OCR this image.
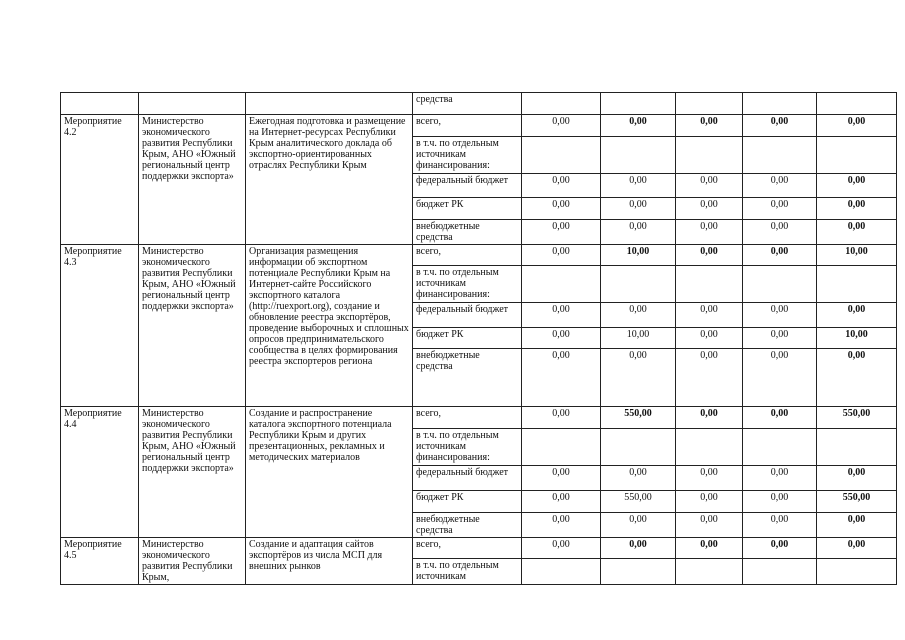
			средства					
Мероприятие 4.2	Министерство экономического развития Республики Крым, АНО «Южный региональный центр поддержки экспорта»	Ежегодная подготовка и размещение на Интернет-ресурсах Республики Крым аналитического доклада об экспортно-ориентированных отраслях Республики Крым	всего,	0,00	0,00	0,00	0,00	0,00
			в т.ч. по отдельным источникам финансирования:					
			федеральный бюджет	0,00	0,00	0,00	0,00	0,00
			бюджет РК	0,00	0,00	0,00	0,00	0,00
			внебюджетные средства	0,00	0,00	0,00	0,00	0,00
Мероприятие 4.3	Министерство экономического развития Республики Крым, АНО «Южный региональный центр поддержки экспорта»	Организация размещения информации об экспортном потенциале Республики Крым на Интернет-сайте Российского экспортного каталога (http://ruexport.org), создание и обновление реестра экспортёров, проведение выборочных и сплошных опросов предпринимательского сообщества в целях формирования реестра экспортеров региона	всего,	0,00	10,00	0,00	0,00	10,00
			в т.ч. по отдельным источникам финансирования:					
			федеральный бюджет	0,00	0,00	0,00	0,00	0,00
			бюджет РК	0,00	10,00	0,00	0,00	10,00
			внебюджетные средства	0,00	0,00	0,00	0,00	0,00
Мероприятие 4.4	Министерство экономического развития Республики Крым, АНО «Южный региональный центр поддержки экспорта»	Создание и распространение каталога экспортного потенциала Республики Крым и других презентационных, рекламных и методических материалов	всего,	0,00	550,00	0,00	0,00	550,00
			в т.ч. по отдельным источникам финансирования:					
			федеральный бюджет	0,00	0,00	0,00	0,00	0,00
			бюджет РК	0,00	550,00	0,00	0,00	550,00
			внебюджетные средства	0,00	0,00	0,00	0,00	0,00
Мероприятие 4.5	Министерство экономического развития Республики Крым,	Создание и адаптация сайтов экспортёров из числа МСП для внешних рынков	всего,	0,00	0,00	0,00	0,00	0,00
			в т.ч. по отдельным источникам					
